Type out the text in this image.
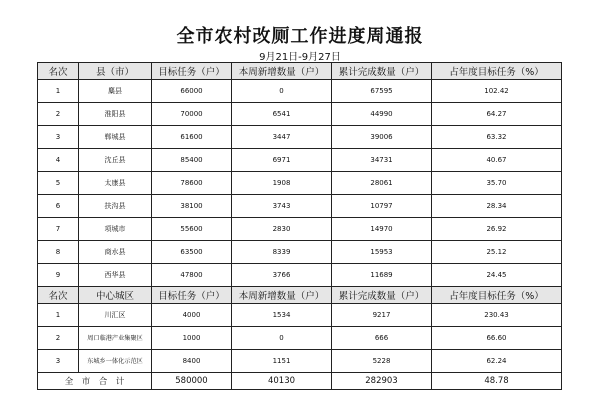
全市农村改厕工作进度周通报
9月21日-9月27日
名次	县（市）	目标任务（户）	本周新增数量（户）	累计完成数量（户）	占年度目标任务（%）
1	麋县	66000	0	67595	102.42
2	淮阳县	70000	6541	44990	64.27
3	郸城县	61600	3447	39006	63.32
4	沈丘县	85400	6971	34731	40.67
5	太康县	78600	1908	28061	35.70
6	扶沟县	38100	3743	10797	28.34
7	项城市	55600	2830	14970	26.92
8	商水县	63500	8339	15953	25.12
9	西华县	47800	3766	11689	24.45
名次	中心城区	目标任务（户）	本周新增数量（户）	累计完成数量（户）	占年度目标任务（%）
1	川汇区	4000	1534	9217	230.43
2	周口临港产业集聚区	1000	0	666	66.60
3	东城乡一体化示范区	8400	1151	5228	62.24
全　市　合　计		580000	40130	282903	48.78
